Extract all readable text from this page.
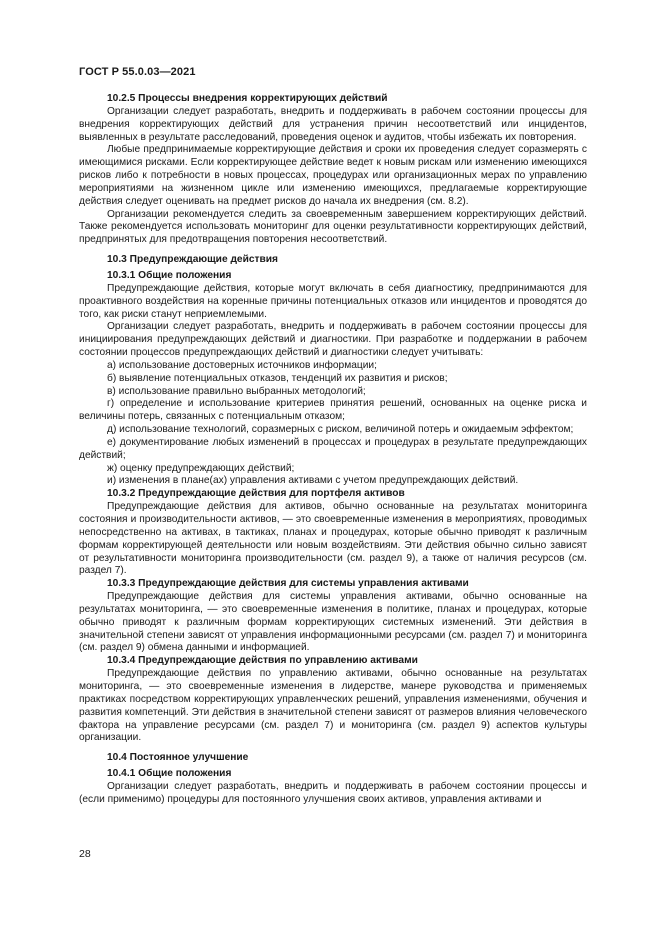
ГОСТ Р 55.0.03—2021

10.2.5 Процессы внедрения корректирующих действий

Организации следует разработать, внедрить и поддерживать в рабочем состоянии процессы для внедрения корректирующих действий для устранения причин несоответствий или инцидентов, выявленных в результате расследований, проведения оценок и аудитов, чтобы избежать их повторения.

Любые предпринимаемые корректирующие действия и сроки их проведения следует соразмерять с имеющимися рисками. Если корректирующее действие ведет к новым рискам или изменению имеющихся рисков либо к потребности в новых процессах, процедурах или организационных мерах по управлению мероприятиями на жизненном цикле или изменению имеющихся, предлагаемые корректирующие действия следует оценивать на предмет рисков до начала их внедрения (см. 8.2).

Организации рекомендуется следить за своевременным завершением корректирующих действий. Также рекомендуется использовать мониторинг для оценки результативности корректирующих действий, предпринятых для предотвращения повторения несоответствий.

10.3 Предупреждающие действия

10.3.1 Общие положения

Предупреждающие действия, которые могут включать в себя диагностику, предпринимаются для проактивного воздействия на коренные причины потенциальных отказов или инцидентов и проводятся до того, как риски станут неприемлемыми.

Организации следует разработать, внедрить и поддерживать в рабочем состоянии процессы для инициирования предупреждающих действий и диагностики. При разработке и поддержании в рабочем состоянии процессов предупреждающих действий и диагностики следует учитывать:

а) использование достоверных источников информации;

б) выявление потенциальных отказов, тенденций их развития и рисков;

в) использование правильно выбранных методологий;

г) определение и использование критериев принятия решений, основанных на оценке риска и величины потерь, связанных с потенциальным отказом;

д) использование технологий, соразмерных с риском, величиной потерь и ожидаемым эффектом;

е) документирование любых изменений в процессах и процедурах в результате предупреждающих действий;

ж) оценку предупреждающих действий;

и) изменения в плане(ах) управления активами с учетом предупреждающих действий.

10.3.2 Предупреждающие действия для портфеля активов

Предупреждающие действия для активов, обычно основанные на результатах мониторинга состояния и производительности активов, — это своевременные изменения в мероприятиях, проводимых непосредственно на активах, в тактиках, планах и процедурах, которые обычно приводят к различным формам корректирующей деятельности или новым воздействиям. Эти действия обычно сильно зависят от результативности мониторинга производительности (см. раздел 9), а также от наличия ресурсов (см. раздел 7).

10.3.3 Предупреждающие действия для системы управления активами

Предупреждающие действия для системы управления активами, обычно основанные на результатах мониторинга, — это своевременные изменения в политике, планах и процедурах, которые обычно приводят к различным формам корректирующих системных изменений. Эти действия в значительной степени зависят от управления информационными ресурсами (см. раздел 7) и мониторинга (см. раздел 9) обмена данными и информацией.

10.3.4 Предупреждающие действия по управлению активами

Предупреждающие действия по управлению активами, обычно основанные на результатах мониторинга, — это своевременные изменения в лидерстве, манере руководства и применяемых практиках посредством корректирующих управленческих решений, управления изменениями, обучения и развития компетенций. Эти действия в значительной степени зависят от размеров влияния человеческого фактора на управление ресурсами (см. раздел 7) и мониторинга (см. раздел 9) аспектов культуры организации.

10.4 Постоянное улучшение

10.4.1 Общие положения

Организации следует разработать, внедрить и поддерживать в рабочем состоянии процессы и (если применимо) процедуры для постоянного улучшения своих активов, управления активами и

28
